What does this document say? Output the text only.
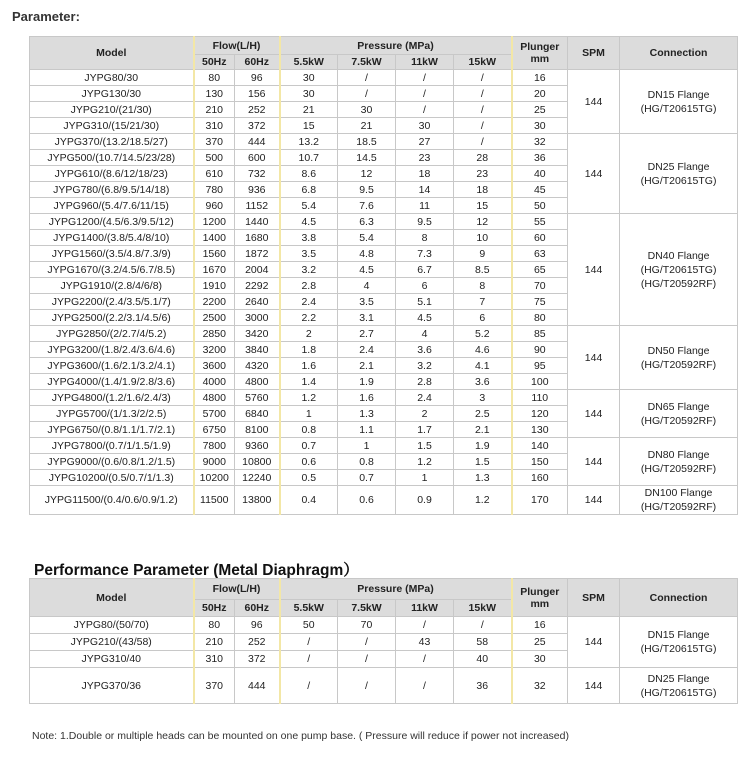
Parameter:
Model	Flow(L/H)		Pressure (MPa)				Plunger
mm	SPM	Connection
	50Hz	60Hz	5.5kW	7.5kW	11kW	15kW			
JYPG80/30	80	96	30	/	/	/	16	144	DN15 Flange
(HG/T20615TG)

JYPG130/30	130	156	30	/	/	/	20		
JYPG210/(21/30)	210	252	21	30	/	/	25		
JYPG310/(15/21/30)	310	372	15	21	30	/	30		
JYPG370/(13.2/18.5/27)	370	444	13.2	18.5	27	/	32	144	DN25 Flange
(HG/T20615TG)

JYPG500/(10.7/14.5/23/28)	500	600	10.7	14.5	23	28	36		
JYPG610/(8.6/12/18/23)	610	732	8.6	12	18	23	40		
JYPG780/(6.8/9.5/14/18)	780	936	6.8	9.5	14	18	45		
JYPG960/(5.4/7.6/11/15)	960	1152	5.4	7.6	11	15	50		
JYPG1200/(4.5/6.3/9.5/12)	1200	1440	4.5	6.3	9.5	12	55	144	DN40 Flange
(HG/T20615TG)
(HG/T20592RF)

JYPG1400/(3.8/5.4/8/10)	1400	1680	3.8	5.4	8	10	60		
JYPG1560/(3.5/4.8/7.3/9)	1560	1872	3.5	4.8	7.3	9	63		
JYPG1670/(3.2/4.5/6.7/8.5)	1670	2004	3.2	4.5	6.7	8.5	65		
JYPG1910/(2.8/4/6/8)	1910	2292	2.8	4	6	8	70		
JYPG2200/(2.4/3.5/5.1/7)	2200	2640	2.4	3.5	5.1	7	75		
JYPG2500/(2.2/3.1/4.5/6)	2500	3000	2.2	3.1	4.5	6	80		
JYPG2850/(2/2.7/4/5.2)	2850	3420	2	2.7	4	5.2	85	144	DN50 Flange
(HG/T20592RF)

JYPG3200/(1.8/2.4/3.6/4.6)	3200	3840	1.8	2.4	3.6	4.6	90		
JYPG3600/(1.6/2.1/3.2/4.1)	3600	4320	1.6	2.1	3.2	4.1	95		
JYPG4000/(1.4/1.9/2.8/3.6)	4000	4800	1.4	1.9	2.8	3.6	100		
JYPG4800/(1.2/1.6/2.4/3)	4800	5760	1.2	1.6	2.4	3	110	144	DN65 Flange
(HG/T20592RF)

JYPG5700/(1/1.3/2/2.5)	5700	6840	1	1.3	2	2.5	120		
JYPG6750/(0.8/1.1/1.7/2.1)	6750	8100	0.8	1.1	1.7	2.1	130		
JYPG7800/(0.7/1/1.5/1.9)	7800	9360	0.7	1	1.5	1.9	140	144	DN80 Flange
(HG/T20592RF)

JYPG9000/(0.6/0.8/1.2/1.5)	9000	10800	0.6	0.8	1.2	1.5	150		
JYPG10200/(0.5/0.7/1/1.3)	10200	12240	0.5	0.7	1	1.3	160		
JYPG11500/(0.4/0.6/0.9/1.2)	11500	13800	0.4	0.6	0.9	1.2	170	144	DN100 Flange
(HG/T20592RF)
Performance Parameter (Metal Diaphragm）
Model	Flow(L/H)		Pressure (MPa)				Plunger
mm	SPM	Connection
	50Hz	60Hz	5.5kW	7.5kW	11kW	15kW			
JYPG80/(50/70)	80	96	50	70	/	/	16	144	DN15 Flange
(HG/T20615TG)

JYPG210/(43/58)	210	252	/	/	43	58	25		
JYPG310/40	310	372	/	/	/	40	30		
JYPG370/36	370	444	/	/	/	36	32	144	DN25 Flange
(HG/T20615TG)
Note: 1.Double or multiple heads can be mounted on one pump base. ( Pressure will reduce if power not increased)
